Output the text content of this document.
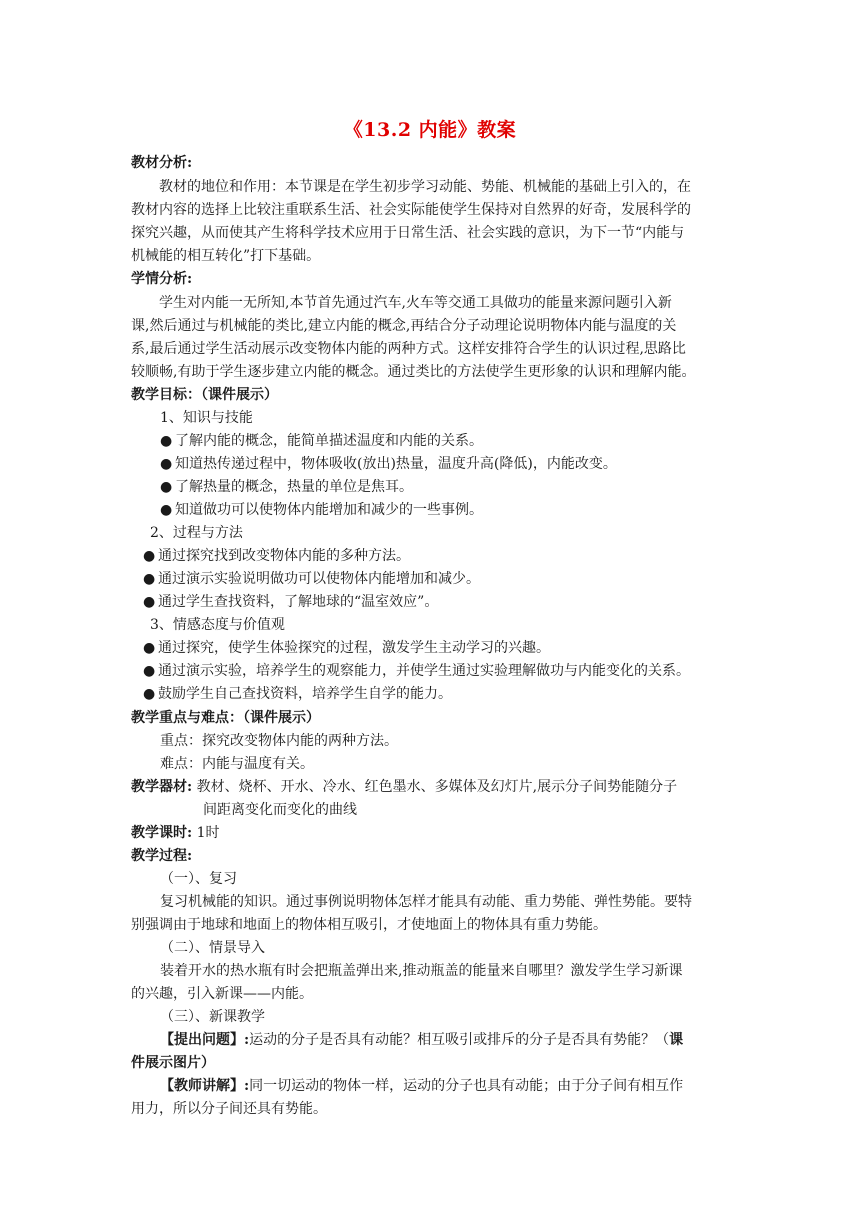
《13.2 内能》教案
教材分析:
教材的地位和作用：本节课是在学生初步学习动能、势能、机械能的基础上引入的，在
教材内容的选择上比较注重联系生活、社会实际能使学生保持对自然界的好奇，发展科学的
探究兴趣，从而使其产生将科学技术应用于日常生活、社会实践的意识，为下一节“内能与
机械能的相互转化”打下基础。
学情分析:
学生对内能一无所知,本节首先通过汽车,火车等交通工具做功的能量来源问题引入新
课,然后通过与机械能的类比,建立内能的概念,再结合分子动理论说明物体内能与温度的关
系,最后通过学生活动展示改变物体内能的两种方式。这样安排符合学生的认识过程,思路比
较顺畅,有助于学生逐步建立内能的概念。通过类比的方法使学生更形象的认识和理解内能。
教学目标：（课件展示）
1、知识与技能
● 了解内能的概念，能简单描述温度和内能的关系。
● 知道热传递过程中，物体吸收(放出)热量，温度升高(降低)，内能改变。
● 了解热量的概念，热量的单位是焦耳。
● 知道做功可以使物体内能增加和减少的一些事例。
2、过程与方法
● 通过探究找到改变物体内能的多种方法。
● 通过演示实验说明做功可以使物体内能增加和减少。
● 通过学生查找资料，了解地球的“温室效应”。
3、情感态度与价值观
● 通过探究，使学生体验探究的过程，激发学生主动学习的兴趣。
● 通过演示实验，培养学生的观察能力，并使学生通过实验理解做功与内能变化的关系。
● 鼓励学生自己查找资料，培养学生自学的能力。
教学重点与难点：（课件展示）
重点：探究改变物体内能的两种方法。
难点：内能与温度有关。
教学器材: 教材、烧杯、开水、冷水、红色墨水、多媒体及幻灯片,展示分子间势能随分子
间距离变化而变化的曲线
教学课时: 1时
教学过程:
（一）、复习
复习机械能的知识。通过事例说明物体怎样才能具有动能、重力势能、弹性势能。要特
别强调由于地球和地面上的物体相互吸引，才使地面上的物体具有重力势能。
（二）、情景导入
装着开水的热水瓶有时会把瓶盖弹出来,推动瓶盖的能量来自哪里？激发学生学习新课
的兴趣，引入新课——内能。
（三）、新课教学
【提出问题】:运动的分子是否具有动能？相互吸引或排斥的分子是否具有势能？（课
件展示图片）
【教师讲解】:同一切运动的物体一样，运动的分子也具有动能；由于分子间有相互作
用力，所以分子间还具有势能。
